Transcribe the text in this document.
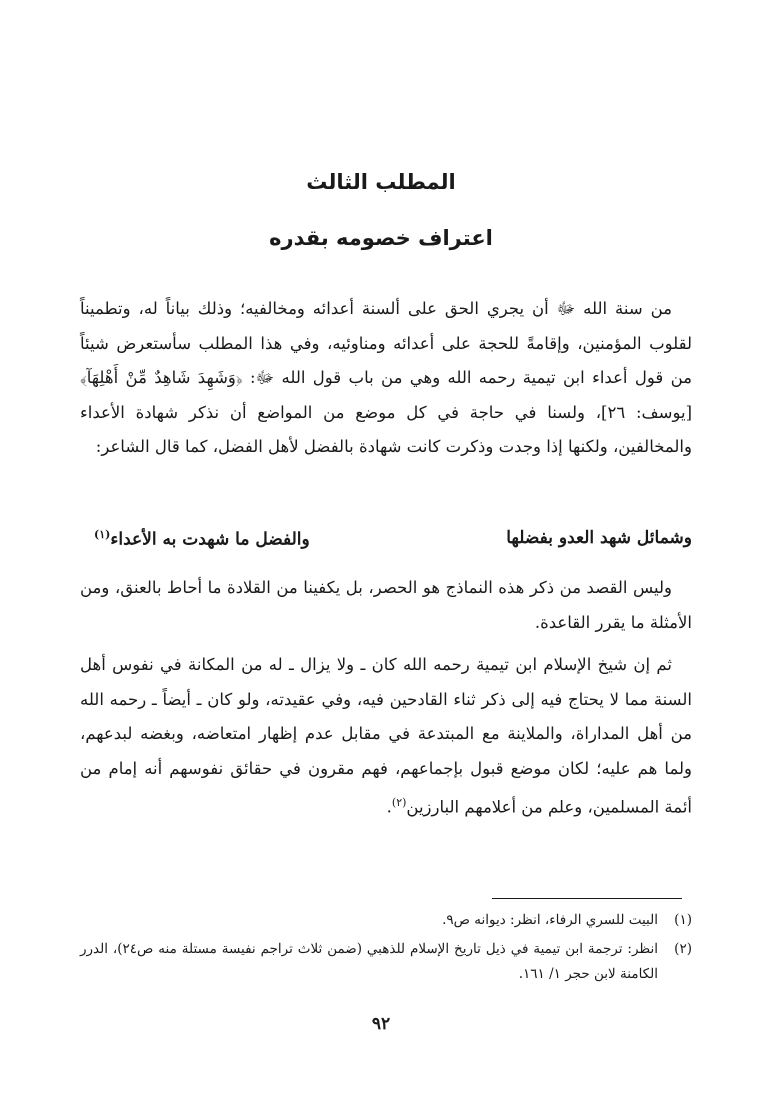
المطلب الثالث
اعتراف خصومه بقدره

من سنة الله ﷻ أن يجري الحق على ألسنة أعدائه ومخالفيه؛ وذلك بياناً له، وتطميناً لقلوب المؤمنين، وإقامةً للحجة على أعدائه ومناوئيه، وفي هذا المطلب سأستعرض شيئاً من قول أعداء ابن تيمية رحمه الله وهي من باب قول الله ﷻ: ﴿وَشَهِدَ شَاهِدٌ مِّنْ أَهْلِهَآ﴾ [يوسف: ٢٦]، ولسنا في حاجة في كل موضع من المواضع أن نذكر شهادة الأعداء والمخالفين، ولكنها إذا وجدت وذكرت كانت شهادة بالفضل لأهل الفضل، كما قال الشاعر:

وشمائل شهد العدو بفضلها
والفضل ما شهدت به الأعداء$^{(١)}$

وليس القصد من ذكر هذه النماذج هو الحصر، بل يكفينا من القلادة ما أحاط بالعنق، ومن الأمثلة ما يقرر القاعدة.

ثم إن شيخ الإسلام ابن تيمية رحمه الله كان ـ ولا يزال ـ له من المكانة في نفوس أهل السنة مما لا يحتاج فيه إلى ذكر ثناء القادحين فيه، وفي عقيدته، ولو كان ـ أيضاً ـ رحمه الله من أهل المداراة، والملاينة مع المبتدعة في مقابل عدم إظهار امتعاضه، وبغضه لبدعهم، ولما هم عليه؛ لكان موضع قبول بإجماعهم، فهم مقرون في حقائق نفوسهم أنه إمام من أئمة المسلمين، وعلم من أعلامهم البارزين$^{(٢)}$.

(١)
البيت للسري الرفاء، انظر: ديوانه ص٩.
(٢)
انظر: ترجمة ابن تيمية في ذيل تاريخ الإسلام للذهبي (ضمن ثلاث تراجم نفيسة مستلة منه ص٢٤)، الدرر الكامنة لابن حجر ١/ ١٦١.
٩٢
